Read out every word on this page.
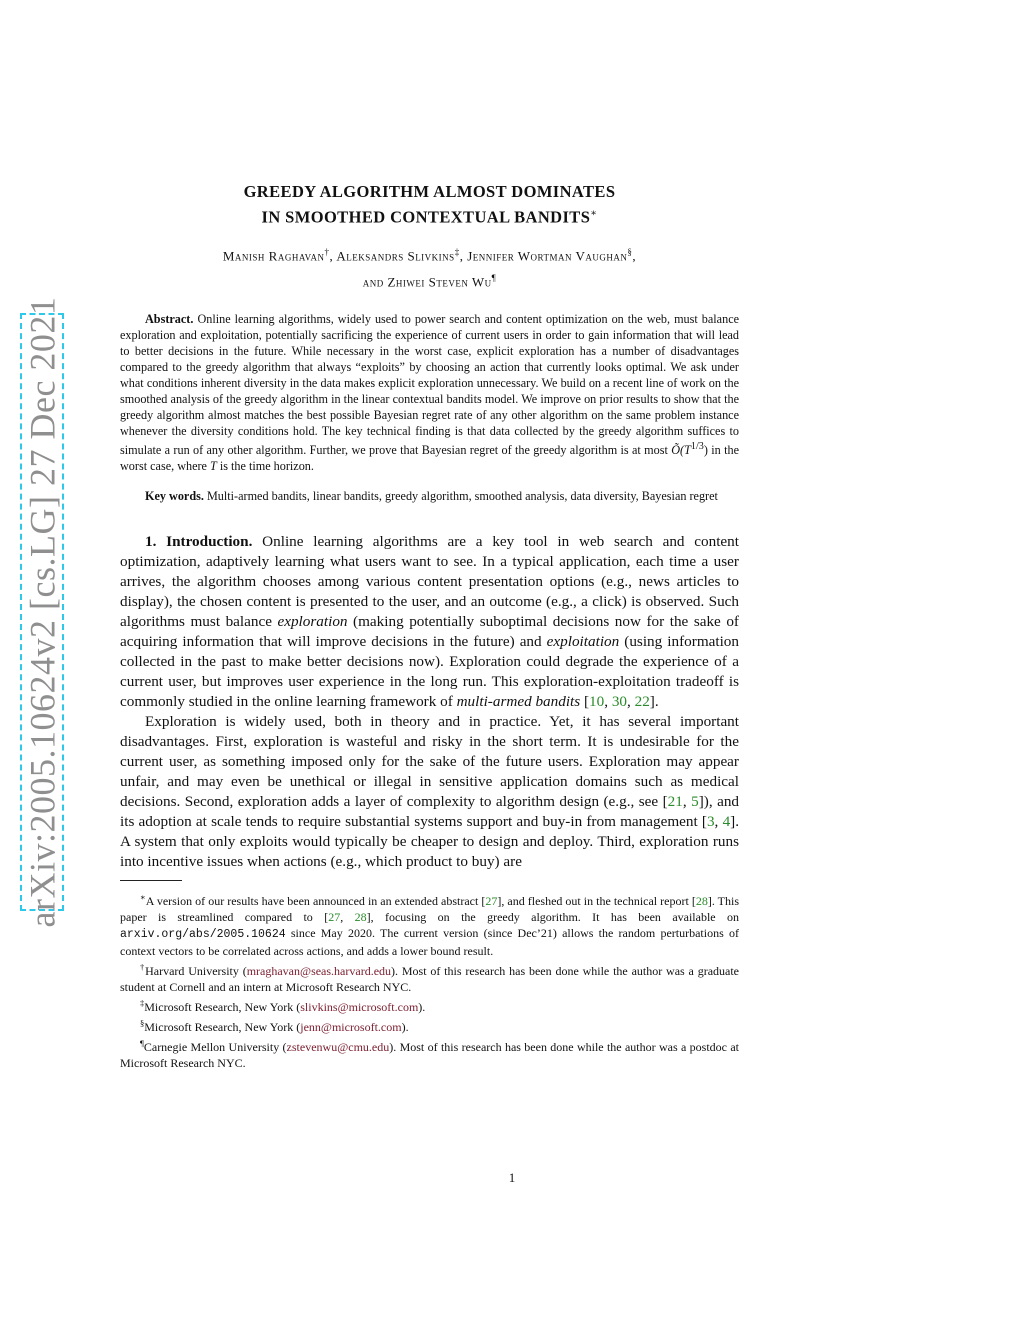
arXiv:2005.10624v2 [cs.LG] 27 Dec 2021
GREEDY ALGORITHM ALMOST DOMINATES
IN SMOOTHED CONTEXTUAL BANDITS∗
Manish Raghavan†, Aleksandrs Slivkins‡, Jennifer Wortman Vaughan§,
and Zhiwei Steven Wu¶
Abstract. Online learning algorithms, widely used to power search and content optimization on the web, must balance exploration and exploitation, potentially sacrificing the experience of current users in order to gain information that will lead to better decisions in the future. While necessary in the worst case, explicit exploration has a number of disadvantages compared to the greedy algorithm that always “exploits” by choosing an action that currently looks optimal. We ask under what conditions inherent diversity in the data makes explicit exploration unnecessary. We build on a recent line of work on the smoothed analysis of the greedy algorithm in the linear contextual bandits model. We improve on prior results to show that the greedy algorithm almost matches the best possible Bayesian regret rate of any other algorithm on the same problem instance whenever the diversity conditions hold. The key technical finding is that data collected by the greedy algorithm suffices to simulate a run of any other algorithm. Further, we prove that Bayesian regret of the greedy algorithm is at most $Õ(T^{1/3})$ in the worst case, where T is the time horizon.
Key words. Multi-armed bandits, linear bandits, greedy algorithm, smoothed analysis, data diversity, Bayesian regret

1. Introduction. Online learning algorithms are a key tool in web search and content optimization, adaptively learning what users want to see. In a typical application, each time a user arrives, the algorithm chooses among various content presentation options (e.g., news articles to display), the chosen content is presented to the user, and an outcome (e.g., a click) is observed. Such algorithms must balance exploration (making potentially suboptimal decisions now for the sake of acquiring information that will improve decisions in the future) and exploitation (using information collected in the past to make better decisions now). Exploration could degrade the experience of a current user, but improves user experience in the long run. This exploration-exploitation tradeoff is commonly studied in the online learning framework of multi-armed bandits [10, 30, 22].

Exploration is widely used, both in theory and in practice. Yet, it has several important disadvantages. First, exploration is wasteful and risky in the short term. It is undesirable for the current user, as something imposed only for the sake of the future users. Exploration may appear unfair, and may even be unethical or illegal in sensitive application domains such as medical decisions. Second, exploration adds a layer of complexity to algorithm design (e.g., see [21, 5]), and its adoption at scale tends to require substantial systems support and buy-in from management [3, 4]. A system that only exploits would typically be cheaper to design and deploy. Third, exploration runs into incentive issues when actions (e.g., which product to buy) are

∗A version of our results have been announced in an extended abstract [27], and fleshed out in the technical report [28]. This paper is streamlined compared to [27, 28], focusing on the greedy algorithm. It has been available on arxiv.org/abs/2005.10624 since May 2020. The current version (since Dec’21) allows the random perturbations of context vectors to be correlated across actions, and adds a lower bound result.

†Harvard University (mraghavan@seas.harvard.edu). Most of this research has been done while the author was a graduate student at Cornell and an intern at Microsoft Research NYC.

‡Microsoft Research, New York (slivkins@microsoft.com).

§Microsoft Research, New York (jenn@microsoft.com).

¶Carnegie Mellon University (zstevenwu@cmu.edu). Most of this research has been done while the author was a postdoc at Microsoft Research NYC.

1
